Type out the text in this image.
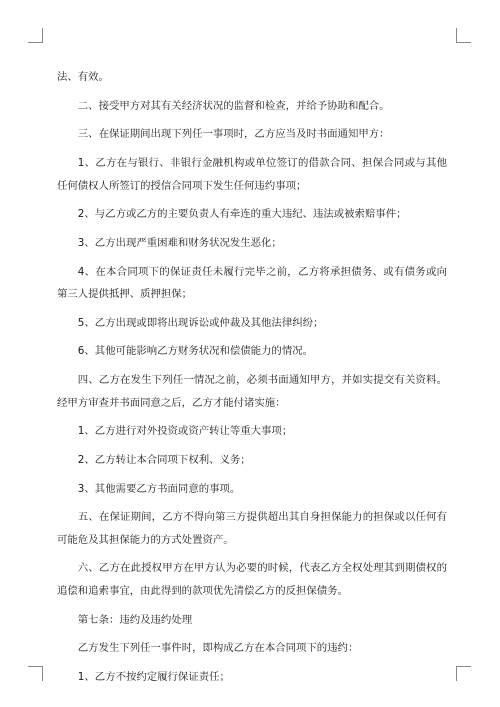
法、有效。

二、接受甲方对其有关经济状况的监督和检查，并给予协助和配合。

三、在保证期间出现下列任一事项时，乙方应当及时书面通知甲方：

1、乙方在与银行、非银行金融机构或单位签订的借款合同、担保合同或与其他任何债权人所签订的授信合同项下发生任何违约事项；

2、与乙方或乙方的主要负责人有牵连的重大违纪、违法或被索赔事件；

3、乙方出现严重困难和财务状况发生恶化；

4、在本合同项下的保证责任未履行完毕之前，乙方将承担债务、或有债务或向第三人提供抵押、质押担保；

5、乙方出现或即将出现诉讼或仲裁及其他法律纠纷；

6、其他可能影响乙方财务状况和偿债能力的情况。

四、乙方在发生下列任一情况之前，必须书面通知甲方，并如实提交有关资料。经甲方审查并书面同意之后，乙方才能付诸实施：

1、乙方进行对外投资或资产转让等重大事项；

2、乙方转让本合同项下权利、义务；

3、其他需要乙方书面同意的事项。

五、在保证期间，乙方不得向第三方提供超出其自身担保能力的担保或以任何有可能危及其担保能力的方式处置资产。

六、乙方在此授权甲方在甲方认为必要的时候，代表乙方全权处理其到期债权的追偿和追索事宜，由此得到的款项优先清偿乙方的反担保债务。

第七条：违约及违约处理

乙方发生下列任一事件时，即构成乙方在本合同项下的违约：

1、乙方不按约定履行保证责任；
